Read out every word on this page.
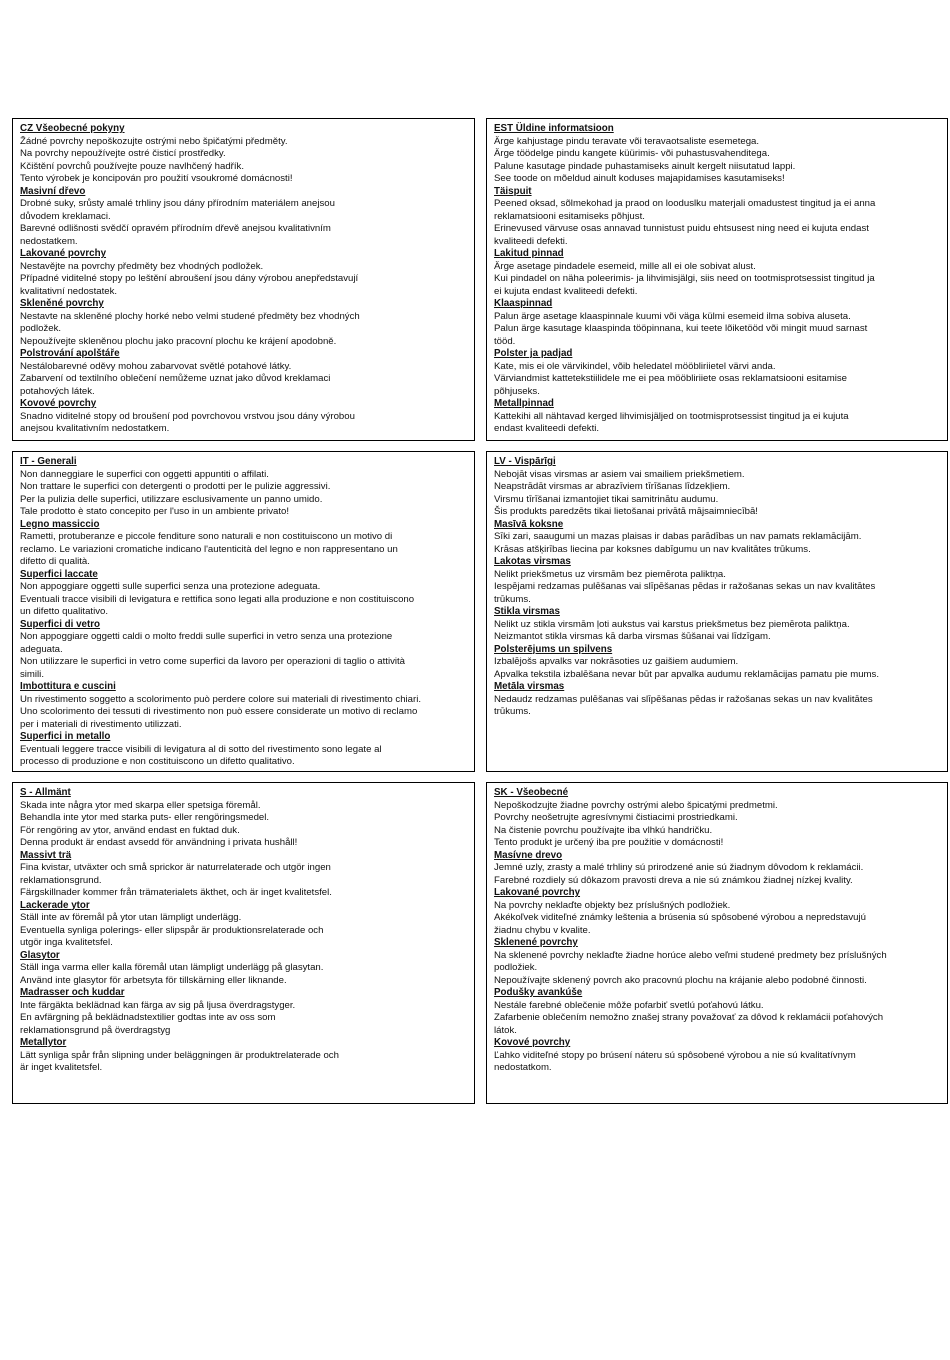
CZ Všeobecné pokyny
Žádné povrchy nepoškozujte ostrými nebo špičatými předměty.
Na povrchy nepoužívejte ostré čisticí prostředky.
Kčištění povrchů používejte pouze navlhčený hadřík.
Tento výrobek je koncipován pro použití vsoukromé domácnosti!
Masivní dřevo
Drobné suky, srůsty amalé trhliny jsou dány přírodním materiálem anejsou
důvodem kreklamaci.
Barevné odlišnosti svědčí opravém přírodním dřevě anejsou kvalitativním
nedostatkem.
Lakované povrchy
Nestavějte na povrchy předměty bez vhodných podložek.
Případné viditelné stopy po leštění abroušení jsou dány výrobou anepředstavují
kvalitativní nedostatek.
Skleněné povrchy
Nestavte na skleněné plochy horké nebo velmi studené předměty bez vhodných
podložek.
Nepoužívejte skleněnou plochu jako pracovní plochu ke krájení apodobně.
Polstrování apolštáře
Nestálobarevné oděvy mohou zabarvovat světlé potahové látky.
Zabarvení od textilního oblečení nemůžeme uznat jako důvod kreklamaci
potahových látek.
Kovové povrchy
Snadno viditelné stopy od broušení pod povrchovou vrstvou jsou dány výrobou
anejsou kvalitativním nedostatkem.
EST Üldine informatsioon
Ärge kahjustage pindu teravate või teravaotsaliste esemetega.
Ärge töödelge pindu kangete küürimis- või puhastusvahenditega.
Palune kasutage pindade puhastamiseks ainult kergelt niisutatud lappi.
See toode on mõeldud ainult koduses majapidamises kasutamiseks!
Täispuit
Peened oksad, sõlmekohad ja praod on looduslku materjali omadustest tingitud ja ei anna
reklamatsiooni esitamiseks põhjust.
Erinevused värvuse osas annavad tunnistust puidu ehtsusest ning need ei kujuta endast
kvaliteedi defekti.
Lakitud pinnad
Ärge asetage pindadele esemeid, mille all ei ole sobivat alust.
Kui pindadel on näha poleerimis- ja lihvimisjälgi, siis need on tootmisprotsessist tingitud ja
ei kujuta endast kvaliteedi defekti.
Klaaspinnad
Palun ärge asetage klaaspinnale kuumi või väga külmi esemeid ilma sobiva aluseta.
Palun ärge kasutage klaaspinda tööpinnana, kui teete lõiketööd või mingit muud sarnast
tööd.
Polster ja padjad
Kate, mis ei ole värvikindel, võib heledatel mööbliriietel värvi anda.
Värviandmist kattetekstiilidele me ei pea mööbliriiete osas reklamatsiooni esitamise
põhjuseks.
Metallpinnad
Kattekihi all nähtavad kerged lihvimisjäljed on tootmisprotsessist tingitud ja ei kujuta
endast kvaliteedi defekti.
IT - Generali
Non danneggiare le superfici con oggetti appuntiti o affilati.
Non trattare le superfici con detergenti o prodotti per le pulizie aggressivi.
Per la pulizia delle superfici, utilizzare esclusivamente un panno umido.
Tale prodotto è stato concepito per l'uso in un ambiente privato!
Legno massiccio
Rametti, protuberanze e piccole fenditure sono naturali e non costituiscono un motivo di
reclamo. Le variazioni cromatiche indicano l'autenticità del legno e non rappresentano un
difetto di qualità.
Superfici laccate
Non appoggiare oggetti sulle superfici senza una protezione adeguata.
Eventuali tracce visibili di levigatura e rettifica sono legati alla produzione e non costituiscono
un difetto qualitativo.
Superfici di vetro
Non appoggiare oggetti caldi o molto freddi sulle superfici in vetro senza una protezione
adeguata.
Non utilizzare le superfici in vetro come superfici da lavoro per operazioni di taglio o attività
simili.
Imbottitura e cuscini
Un rivestimento soggetto a scolorimento può perdere colore sui materiali di rivestimento chiari.
Uno scolorimento dei tessuti di rivestimento non può essere considerate un motivo di reclamo
per i materiali di rivestimento utilizzati.
Superfici in metallo
Eventuali leggere tracce visibili di levigatura al di sotto del rivestimento sono legate al
processo di produzione e non costituiscono un difetto qualitativo.
LV - Vispārīgi
Nebojāt visas virsmas ar asiem vai smailiem priekšmetiem.
Neapstrādāt virsmas ar abrazīviem tīrīšanas līdzekļiem.
Virsmu tīrīšanai izmantojiet tikai samitrinātu audumu.
Šis produkts paredzēts tikai lietošanai privātā mājsaimniecībā!
Masīvā koksne
Sīki zari, saaugumi un mazas plaisas ir dabas parādības un nav pamats reklamācijām.
Krāsas atšķirības liecina par koksnes dabīgumu un nav kvalitātes trūkums.
Lakotas virsmas
Nelikt priekšmetus uz virsmām bez piemērota paliktņa.
Iespējami redzamas pulēšanas vai slīpēšanas pēdas ir ražošanas sekas un nav kvalitātes
trūkums.
Stikla virsmas
Nelikt uz stikla virsmām ļoti aukstus vai karstus priekšmetus bez piemērota paliktņa.
Neizmantot stikla virsmas kā darba virsmas šūšanai vai līdzīgam.
Polsterējums un spilvens
Izbalējošs apvalks var nokrāsoties uz gaišiem audumiem.
Apvalka tekstila izbalēšana nevar būt par apvalka audumu reklamācijas pamatu pie mums.
Metāla virsmas
Nedaudz redzamas pulēšanas vai slīpēšanas pēdas ir ražošanas sekas un nav kvalitātes
trūkums.
S - Allmänt
Skada inte några ytor med skarpa eller spetsiga föremål.
Behandla inte ytor med starka puts- eller rengöringsmedel.
För rengöring av ytor, använd endast en fuktad duk.
Denna produkt är endast avsedd för användning i privata hushåll!
Massivt trä
Fina kvistar, utväxter och små sprickor är naturrelaterade och utgör ingen
reklamationsgrund.
Färgskillnader kommer från trämaterialets äkthet, och är inget kvalitetsfel.
Lackerade ytor
Ställ inte av föremål på ytor utan lämpligt underlägg.
Eventuella synliga polerings- eller slipspår är produktionsrelaterade och
utgör inga kvalitetsfel.
Glasytor
Ställ inga varma eller kalla föremål utan lämpligt underlägg på glasytan.
Använd inte glasytor för arbetsyta för tillskärning eller liknande.
Madrasser och kuddar
Inte färgäkta beklädnad kan färga av sig på ljusa överdragstyger.
En avfärgning på beklädnadstextilier godtas inte av oss som
reklamationsgrund på överdragstyg
Metallytor
Lätt synliga spår från slipning under beläggningen är produktrelaterade och
är inget kvalitetsfel.
SK - Všeobecné
Nepoškodzujte žiadne povrchy ostrými alebo špicatými predmetmi.
Povrchy neošetrujte agresívnymi čistiacimi prostriedkami.
Na čistenie povrchu používajte iba vlhkú handričku.
Tento produkt je určený iba pre použitie v domácnosti!
Masívne drevo
Jemné uzly, zrasty a malé trhliny sú prirodzené anie sú žiadnym dôvodom k reklamácii.
Farebné rozdiely sú dôkazom pravosti dreva a nie sú známkou žiadnej nízkej kvality.
Lakované povrchy
Na povrchy neklaďte objekty bez príslušných podložiek.
Akékoľvek viditeľné známky leštenia a brúsenia sú spôsobené výrobou a nepredstavujú
žiadnu chybu v kvalite.
Sklenené povrchy
Na sklenené povrchy neklaďte žiadne horúce alebo veľmi studené predmety bez príslušných
podložiek.
Nepoužívajte sklenený povrch ako pracovnú plochu na krájanie alebo podobné činnosti.
Podušky avankúše
Nestále farebné oblečenie môže pofarbiť svetlú poťahovú látku.
Zafarbenie oblečením nemožno znašej strany považovať za dôvod k reklamácii poťahových
látok.
Kovové povrchy
Ľahko viditeľné stopy po brúsení náteru sú spôsobené výrobou a nie sú kvalitatívnym
nedostatkom.
